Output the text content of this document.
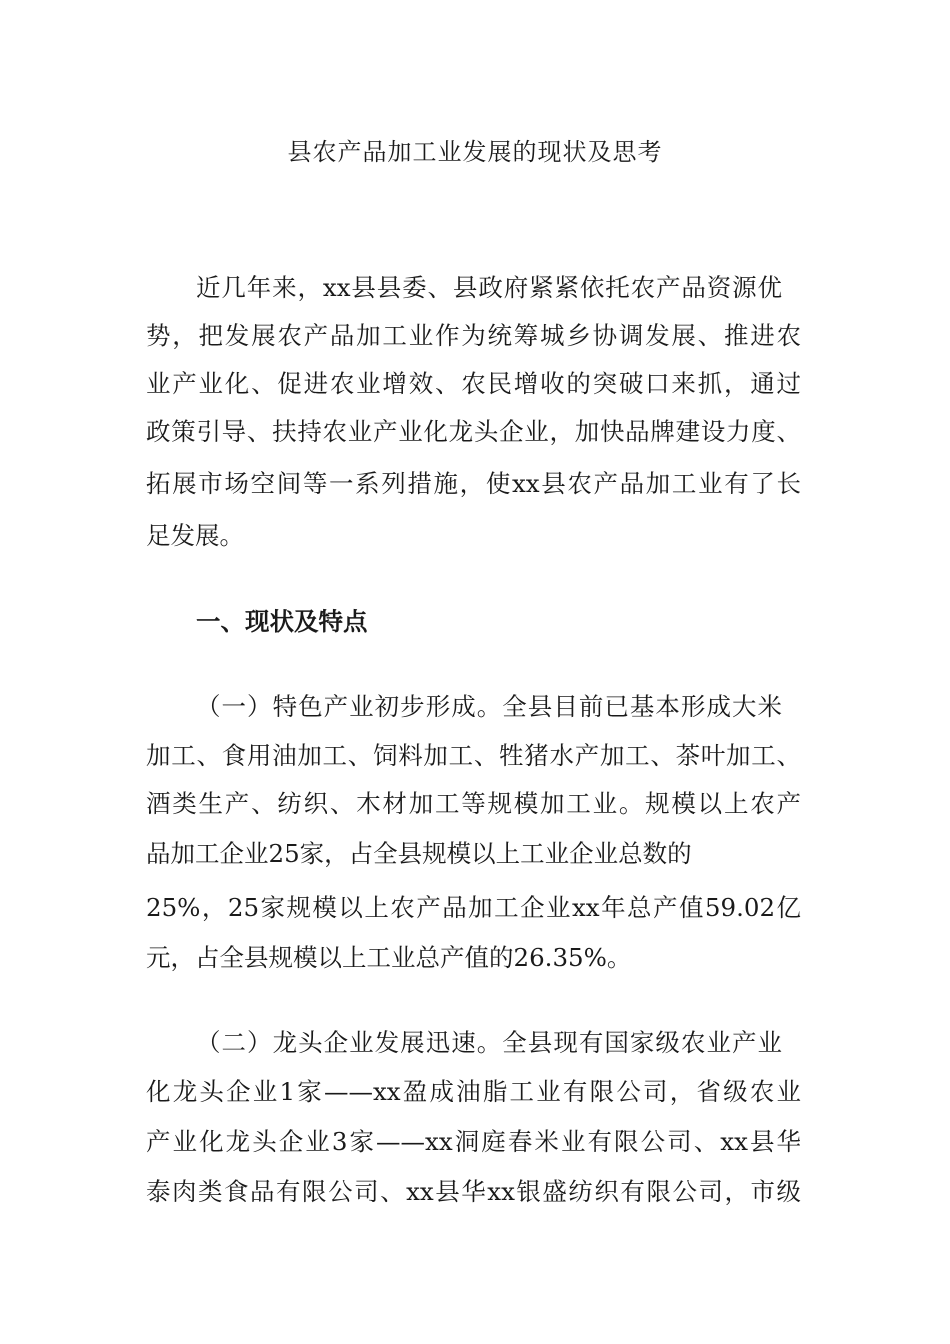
县农产品加工业发展的现状及思考
近几年来，xx县县委、县政府紧紧依托农产品资源优
势，把发展农产品加工业作为统筹城乡协调发展、推进农
业产业化、促进农业增效、农民增收的突破口来抓，通过
政策引导、扶持农业产业化龙头企业，加快品牌建设力度、
拓展市场空间等一系列措施，使xx县农产品加工业有了长
足发展。
一、现状及特点
（一）特色产业初步形成。全县目前已基本形成大米
加工、食用油加工、饲料加工、牲猪水产加工、茶叶加工、
酒类生产、纺织、木材加工等规模加工业。规模以上农产
品加工企业25家，占全县规模以上工业企业总数的
25%，25家规模以上农产品加工企业xx年总产值59.02亿
元，占全县规模以上工业总产值的26.35%。
（二）龙头企业发展迅速。全县现有国家级农业产业
化龙头企业1家——xx盈成油脂工业有限公司，省级农业
产业化龙头企业3家——xx洞庭春米业有限公司、xx县华
泰肉类食品有限公司、xx县华xx银盛纺织有限公司，市级
